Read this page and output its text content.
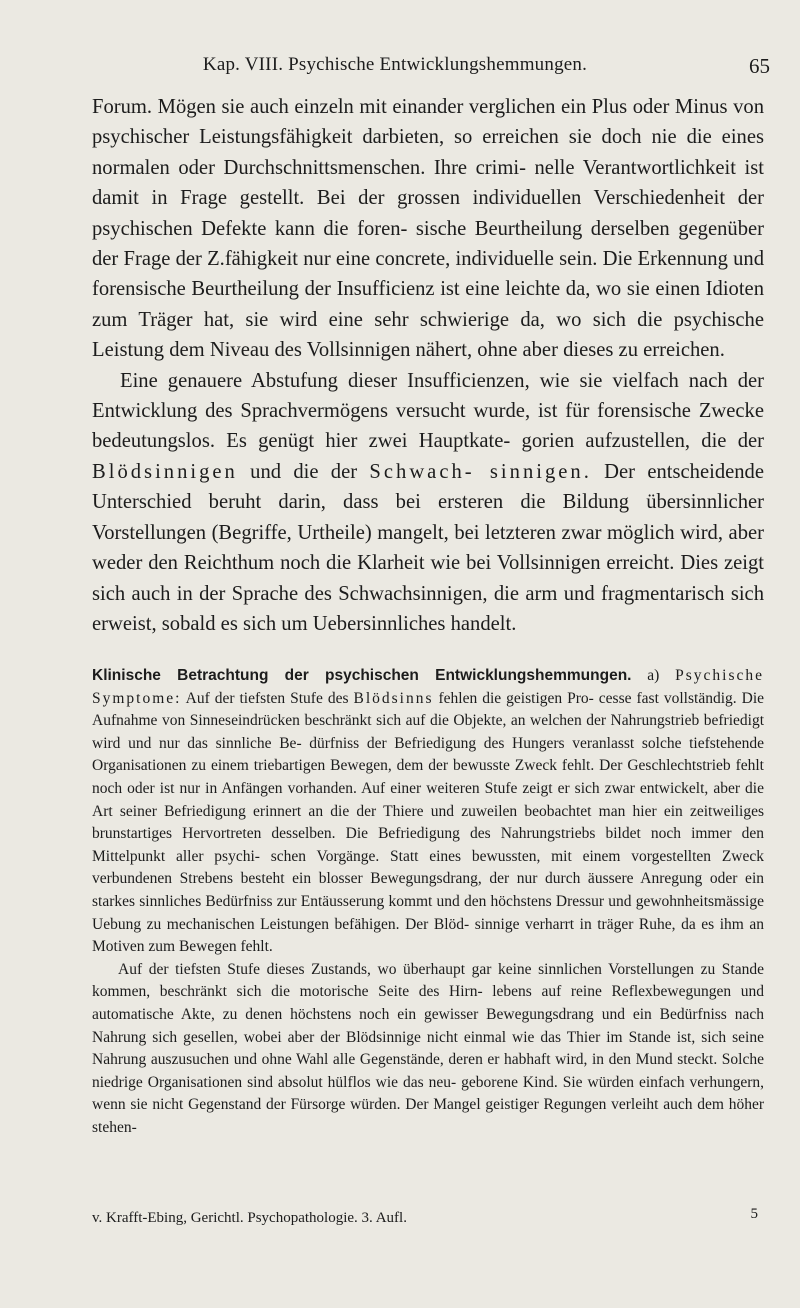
Kap. VIII. Psychische Entwicklungshemmungen.	65

Forum. Mögen sie auch einzeln mit einander verglichen ein Plus oder Minus von psychischer Leistungsfähigkeit darbieten, so erreichen sie doch nie die eines normalen oder Durchschnittsmenschen. Ihre crimi- nelle Verantwortlichkeit ist damit in Frage gestellt. Bei der grossen individuellen Verschiedenheit der psychischen Defekte kann die foren- sische Beurtheilung derselben gegenüber der Frage der Z.fähigkeit nur eine concrete, individuelle sein. Die Erkennung und forensische Beurtheilung der Insufficienz ist eine leichte da, wo sie einen Idioten zum Träger hat, sie wird eine sehr schwierige da, wo sich die psychische Leistung dem Niveau des Vollsinnigen nähert, ohne aber dieses zu erreichen.

Eine genauere Abstufung dieser Insufficienzen, wie sie vielfach nach der Entwicklung des Sprachvermögens versucht wurde, ist für forensische Zwecke bedeutungslos. Es genügt hier zwei Hauptkate- gorien aufzustellen, die der Blödsinnigen und die der Schwach- sinnigen. Der entscheidende Unterschied beruht darin, dass bei ersteren die Bildung übersinnlicher Vorstellungen (Begriffe, Urtheile) mangelt, bei letzteren zwar möglich wird, aber weder den Reichthum noch die Klarheit wie bei Vollsinnigen erreicht. Dies zeigt sich auch in der Sprache des Schwachsinnigen, die arm und fragmentarisch sich erweist, sobald es sich um Uebersinnliches handelt.

Klinische Betrachtung der psychischen Entwicklungshemmungen. a) Psychische Symptome: Auf der tiefsten Stufe des Blödsinns fehlen die geistigen Pro- cesse fast vollständig. Die Aufnahme von Sinneseindrücken beschränkt sich auf die Objekte, an welchen der Nahrungstrieb befriedigt wird und nur das sinnliche Be- dürfniss der Befriedigung des Hungers veranlasst solche tiefstehende Organisationen zu einem triebartigen Bewegen, dem der bewusste Zweck fehlt. Der Geschlechtstrieb fehlt noch oder ist nur in Anfängen vorhanden. Auf einer weiteren Stufe zeigt er sich zwar entwickelt, aber die Art seiner Befriedigung erinnert an die der Thiere und zuweilen beobachtet man hier ein zeitweiliges brunstartiges Hervortreten desselben. Die Befriedigung des Nahrungstriebs bildet noch immer den Mittelpunkt aller psychi- schen Vorgänge. Statt eines bewussten, mit einem vorgestellten Zweck verbundenen Strebens besteht ein blosser Bewegungsdrang, der nur durch äussere Anregung oder ein starkes sinnliches Bedürfniss zur Entäusserung kommt und den höchstens Dressur und gewohnheitsmässige Uebung zu mechanischen Leistungen befähigen. Der Blöd- sinnige verharrt in träger Ruhe, da es ihm an Motiven zum Bewegen fehlt.

Auf der tiefsten Stufe dieses Zustands, wo überhaupt gar keine sinnlichen Vorstellungen zu Stande kommen, beschränkt sich die motorische Seite des Hirn- lebens auf reine Reflexbewegungen und automatische Akte, zu denen höchstens noch ein gewisser Bewegungsdrang und ein Bedürfniss nach Nahrung sich gesellen, wobei aber der Blödsinnige nicht einmal wie das Thier im Stande ist, sich seine Nahrung auszusuchen und ohne Wahl alle Gegenstände, deren er habhaft wird, in den Mund steckt. Solche niedrige Organisationen sind absolut hülflos wie das neu- geborene Kind. Sie würden einfach verhungern, wenn sie nicht Gegenstand der Fürsorge würden. Der Mangel geistiger Regungen verleiht auch dem höher stehen-

v. Krafft-Ebing, Gerichtl. Psychopathologie. 3. Aufl.	5
